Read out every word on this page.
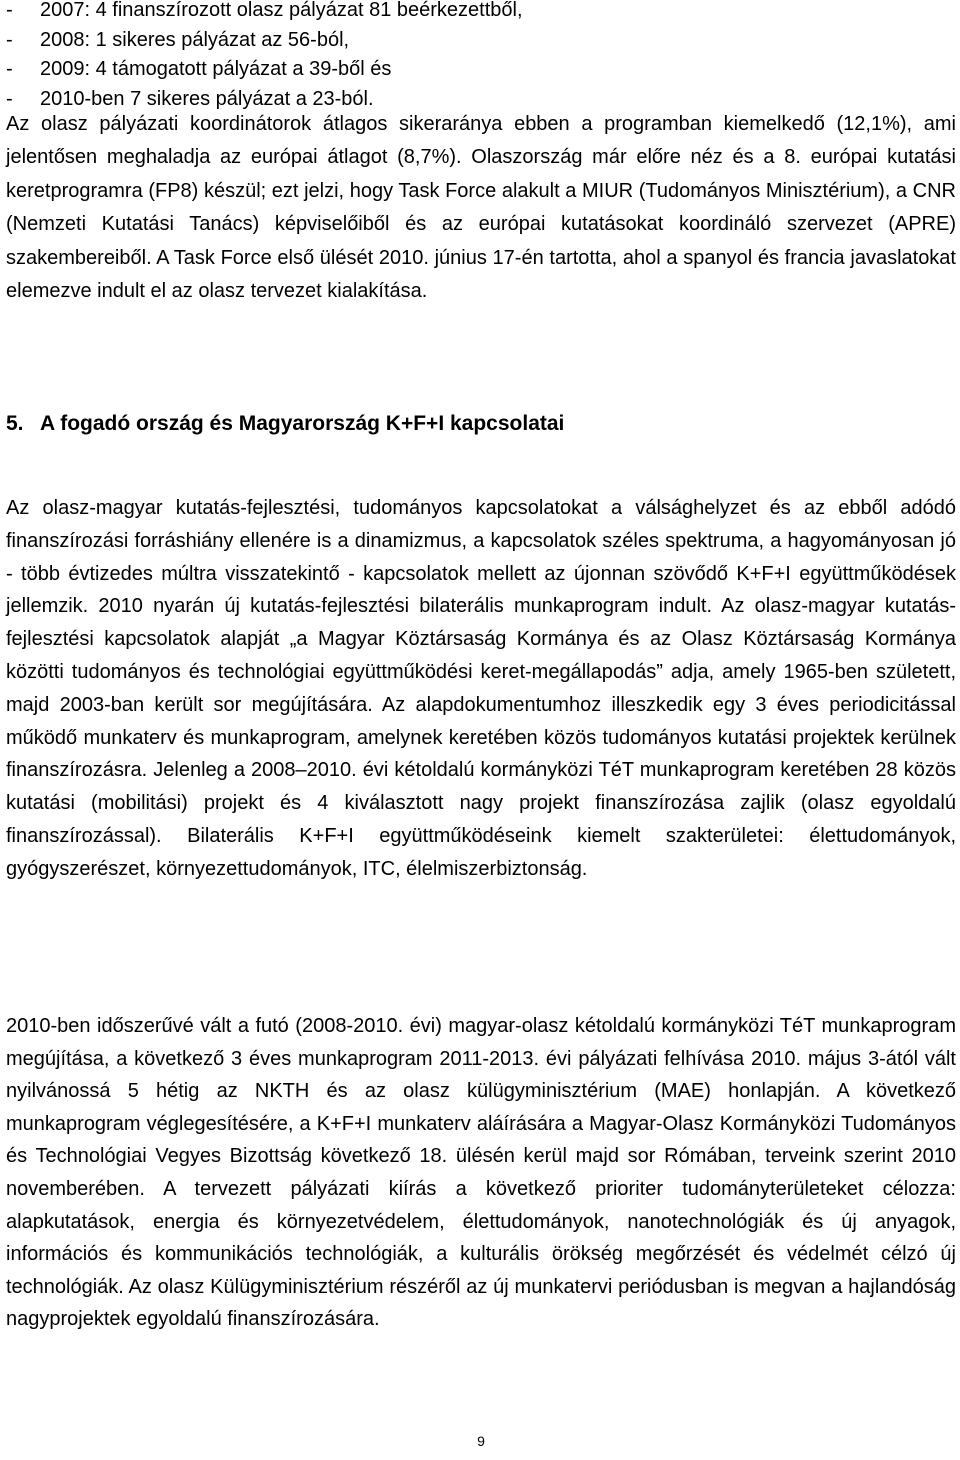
- 2007: 4 finanszírozott olasz pályázat 81 beérkezettből,
- 2008: 1 sikeres pályázat az 56-ból,
- 2009: 4 támogatott pályázat a 39-ből és
- 2010-ben 7 sikeres pályázat a 23-ból.

Az olasz pályázati koordinátorok átlagos sikeraránya ebben a programban kiemelkedő (12,1%), ami jelentősen meghaladja az európai átlagot (8,7%). Olaszország már előre néz és a 8. európai kutatási keretprogramra (FP8) készül; ezt jelzi, hogy Task Force alakult a MIUR (Tudományos Minisztérium), a CNR (Nemzeti Kutatási Tanács) képviselőiből és az európai kutatásokat koordináló szervezet (APRE) szakembereiből. A Task Force első ülését 2010. június 17-én tartotta, ahol a spanyol és francia javaslatokat elemezve indult el az olasz tervezet kialakítása.

5. A fogadó ország és Magyarország K+F+I kapcsolatai

Az olasz-magyar kutatás-fejlesztési, tudományos kapcsolatokat a válsághelyzet és az ebből adódó finanszírozási forráshiány ellenére is a dinamizmus, a kapcsolatok széles spektruma, a hagyományosan jó - több évtizedes múltra visszatekintő - kapcsolatok mellett az újonnan szövődő K+F+I együttműködések jellemzik. 2010 nyarán új kutatás-fejlesztési bilaterális munkaprogram indult. Az olasz-magyar kutatás-fejlesztési kapcsolatok alapját „a Magyar Köztársaság Kormánya és az Olasz Köztársaság Kormánya közötti tudományos és technológiai együttműködési keret-megállapodás” adja, amely 1965-ben született, majd 2003-ban került sor megújítására. Az alapdokumentumhoz illeszkedik egy 3 éves periodicitással működő munkaterv és munkaprogram, amelynek keretében közös tudományos kutatási projektek kerülnek finanszírozásra. Jelenleg a 2008–2010. évi kétoldalú kormányközi TéT munkaprogram keretében 28 közös kutatási (mobilitási) projekt és 4 kiválasztott nagy projekt finanszírozása zajlik (olasz egyoldalú finanszírozással). Bilaterális K+F+I együttműködéseink kiemelt szakterületei: élettudományok, gyógyszerészet, környezettudományok, ITC, élelmiszerbiztonság.

2010-ben időszerűvé vált a futó (2008-2010. évi) magyar-olasz kétoldalú kormányközi TéT munkaprogram megújítása, a következő 3 éves munkaprogram 2011-2013. évi pályázati felhívása 2010. május 3-ától vált nyilvánossá 5 hétig az NKTH és az olasz külügyminisztérium (MAE) honlapján. A következő munkaprogram véglegesítésére, a K+F+I munkaterv aláírására a Magyar-Olasz Kormányközi Tudományos és Technológiai Vegyes Bizottság következő 18. ülésén kerül majd sor Rómában, terveink szerint 2010 novemberében. A tervezett pályázati kiírás a következő prioriter tudományterületeket célozza: alapkutatások, energia és környezetvédelem, élettudományok, nanotechnológiák és új anyagok, információs és kommunikációs technológiák, a kulturális örökség megőrzését és védelmét célzó új technológiák. Az olasz Külügyminisztérium részéről az új munkatervi periódusban is megvan a hajlandóság nagyprojektek egyoldalú finanszírozására.

9
